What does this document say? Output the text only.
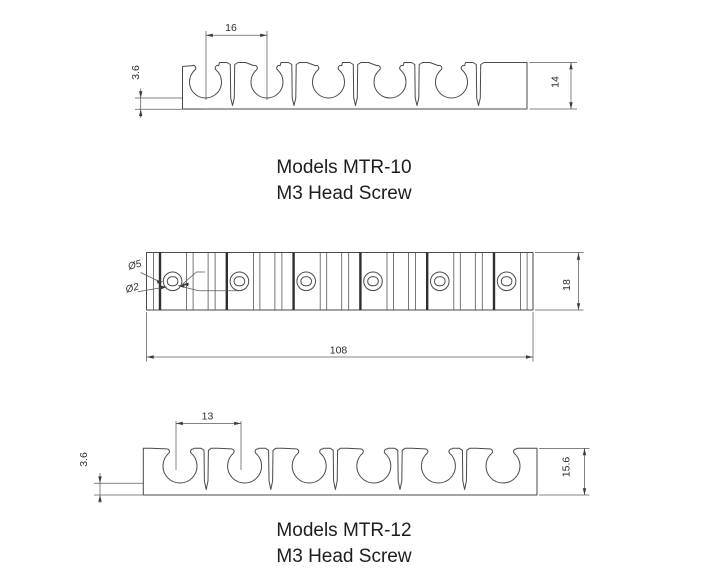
16
3.6
14
Ø5
Ø2
108
18
13
3.6	15.6
Models MTR-10
M3 Head Screw
Models MTR-12
M3 Head Screw
